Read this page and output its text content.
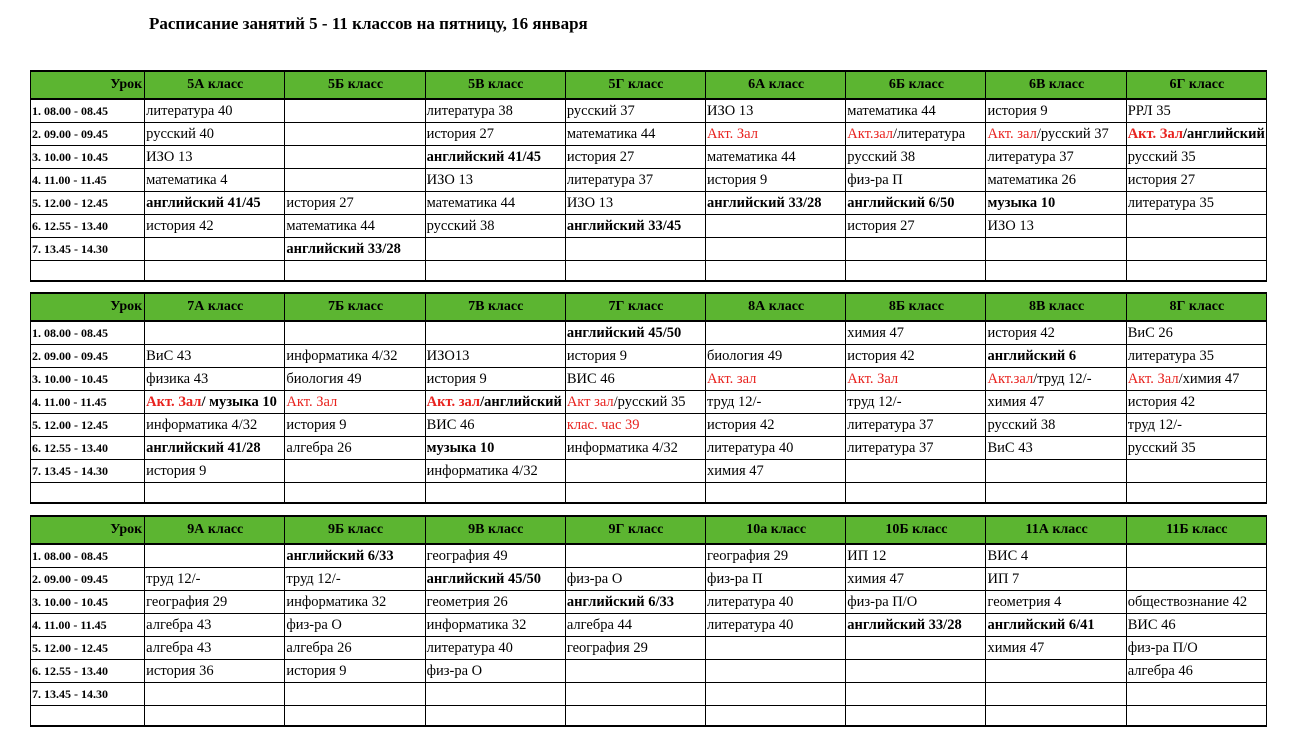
Расписание занятий 5 - 11 классов на пятницу, 16 января
Урок	5А класс	5Б класс	5В класс	5Г класс	6А класс	6Б класс	6В класс	6Г класс
1. 08.00 - 08.45	литература 40		литература 38	русский 37	ИЗО 13	математика 44	история 9	РРЛ 35
2. 09.00 - 09.45	русский 40		история 27	математика 44	Акт. Зал	Акт.зал/литература	Акт. зал/русский 37	Акт. Зал/английский
3. 10.00 - 10.45	ИЗО 13		английский 41/45	история 27	математика 44	русский 38	литература 37	русский 35
4. 11.00 - 11.45	математика 4		ИЗО 13	литература 37	история 9	физ-ра П	математика 26	история 27
5. 12.00 - 12.45	английский 41/45	история 27	математика 44	ИЗО 13	английский 33/28	английский 6/50	музыка 10	литература 35
6. 12.55 - 13.40	история 42	математика 44	русский 38	английский 33/45		история 27	ИЗО 13	
7. 13.45 - 14.30		английский 33/28						

Урок	7А класс	7Б класс	7В класс	7Г класс	8А класс	8Б класс	8В класс	8Г класс
1. 08.00 - 08.45				английский 45/50		химия 47	история 42	ВиС 26
2. 09.00 - 09.45	ВиС 43	информатика 4/32	ИЗО13	история 9	биология 49	история 42	английский 6	литература 35
3. 10.00 - 10.45	физика 43	биология 49	история 9	ВИС 46	Акт. зал	Акт. Зал	Акт.зал/труд 12/-	Акт. Зал/химия 47
4. 11.00 - 11.45	Акт. Зал/ музыка 10	Акт. Зал	Акт. зал/английский	Акт зал/русский 35	труд 12/-	труд 12/-	химия 47	история 42
5. 12.00 - 12.45	информатика 4/32	история 9	ВИС 46	клас. час 39	история 42	литература 37	русский 38	труд 12/-
6. 12.55 - 13.40	английский 41/28	алгебра 26	музыка 10	информатика 4/32	литература 40	литература 37	ВиС 43	русский 35
7. 13.45 - 14.30	история 9		информатика 4/32		химия 47			

Урок	9А класс	9Б класс	9В класс	9Г класс	10а класс	10Б класс	11А класс	11Б класс
1. 08.00 - 08.45		английский 6/33	география 49		география 29	ИП 12	ВИС 4	
2. 09.00 - 09.45	труд 12/-	труд 12/-	английский 45/50	физ-ра О	физ-ра П	химия 47	ИП 7	
3. 10.00 - 10.45	география 29	информатика 32	геометрия 26	английский 6/33	литература 40	физ-ра П/О	геометрия 4	обществознание 42
4. 11.00 - 11.45	алгебра 43	физ-ра О	информатика 32	алгебра 44	литература 40	английский 33/28	английский 6/41	ВИС 46
5. 12.00 - 12.45	алгебра 43	алгебра 26	литература 40	география 29			химия 47	физ-ра П/О
6. 12.55 - 13.40	история 36	история 9	физ-ра О					алгебра 46
7. 13.45 - 14.30								
